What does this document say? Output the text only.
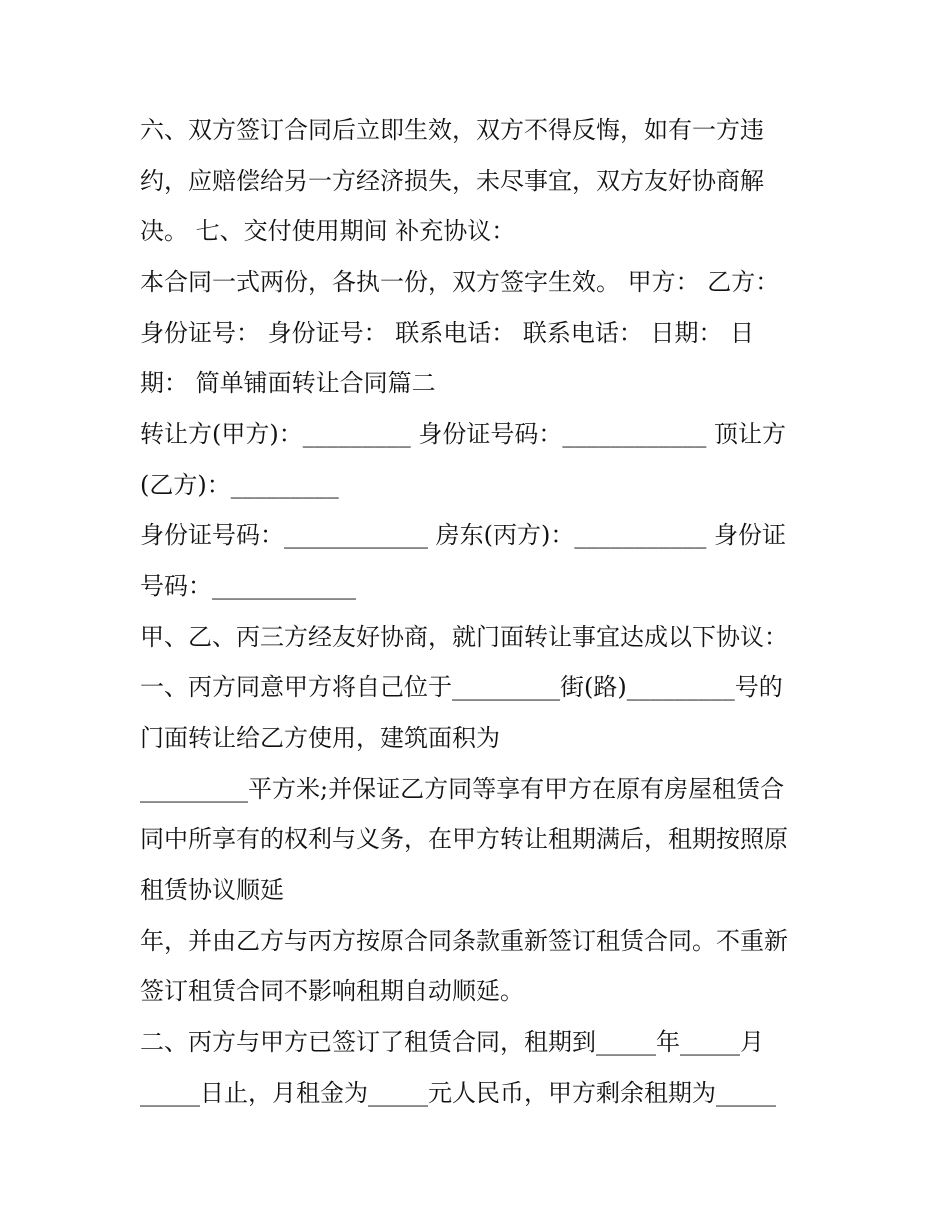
六、双方签订合同后立即生效，双方不得反悔，如有一方违
约，应赔偿给另一方经济损失，未尽事宜，双方友好协商解
决。 七、交付使用期间 补充协议：
本合同一式两份，各执一份，双方签字生效。 甲方： 乙方：
身份证号： 身份证号： 联系电话： 联系电话： 日期： 日
期： 简单铺面转让合同篇二
转让方(甲方)：_________ 身份证号码：____________ 顶让方
(乙方)：_________
身份证号码：____________ 房东(丙方)：___________ 身份证
号码：____________
甲、乙、丙三方经友好协商，就门面转让事宜达成以下协议：
一、丙方同意甲方将自己位于_________街(路)_________号的
门面转让给乙方使用，建筑面积为
_________平方米;并保证乙方同等享有甲方在原有房屋租赁合
同中所享有的权利与义务，在甲方转让租期满后，租期按照原
租赁协议顺延
年，并由乙方与丙方按原合同条款重新签订租赁合同。不重新
签订租赁合同不影响租期自动顺延。
二、丙方与甲方已签订了租赁合同，租期到_____年_____月
_____日止，月租金为_____元人民币，甲方剩余租期为_____
